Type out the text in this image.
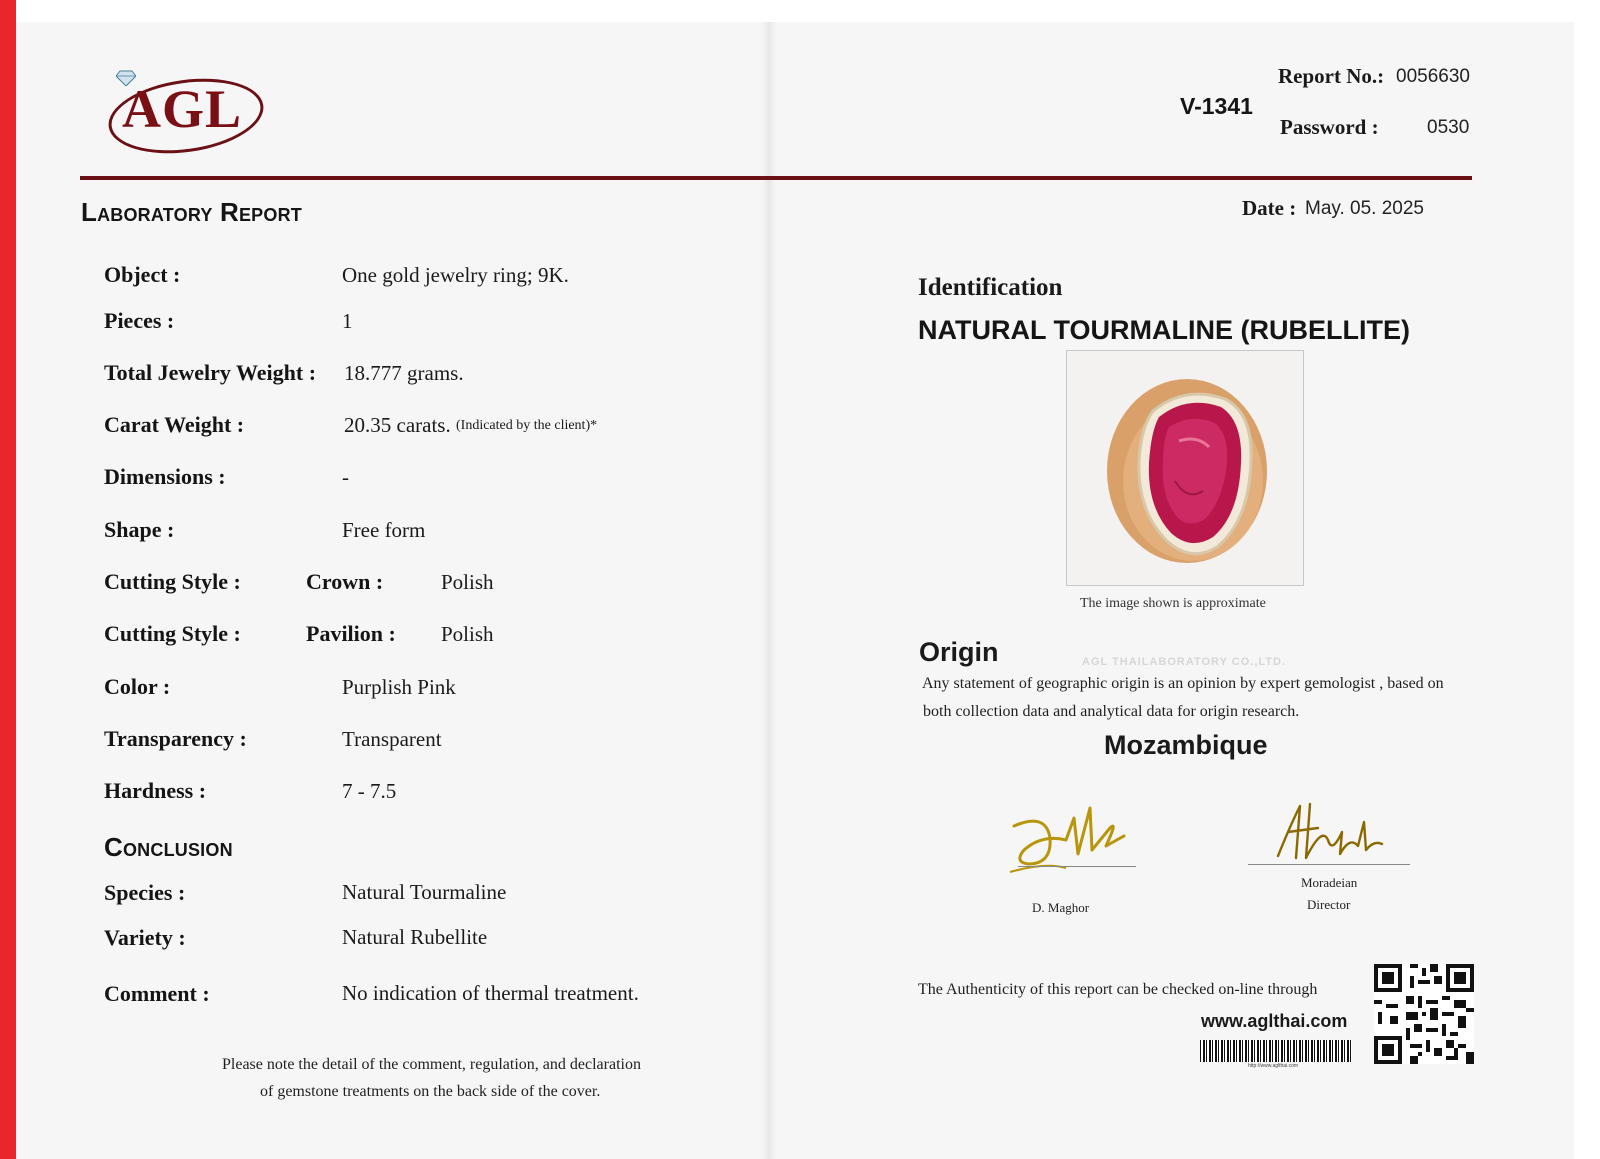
AGL	V-1341
Report No.: 0056630
Password :	0530
Date : May. 05. 2025
Laboratory Report
Object :	One gold jewelry ring; 9K.
Pieces :	1
Total Jewelry Weight : 18.777 grams.
Carat Weight :	20.35 carats. (Indicated by the client)*
Dimensions :	-
Shape :	Free form
Cutting Style :	Crown :	Polish
Cutting Style :	Pavilion : Polish
Color :	Purplish Pink
Transparency :	Transparent
Hardness :	7 - 7.5
Conclusion
Species :	Natural Tourmaline
Variety :	Natural Rubellite
Comment :	No indication of thermal treatment.
Please note the detail of the comment, regulation, and declaration
of gemstone treatments on the back side of the cover.
Identification
NATURAL TOURMALINE (RUBELLITE)
The image shown is approximate
AGL THAILABORATORY CO.,LTD.
Origin
Any statement of geographic origin is an opinion by expert gemologist , based on
both collection data and analytical data for origin research.
Mozambique
D. Maghor
Moradeian
Director
The Authenticity of this report can be checked on-line through
www.aglthai.com
http://www.aglthai.com
